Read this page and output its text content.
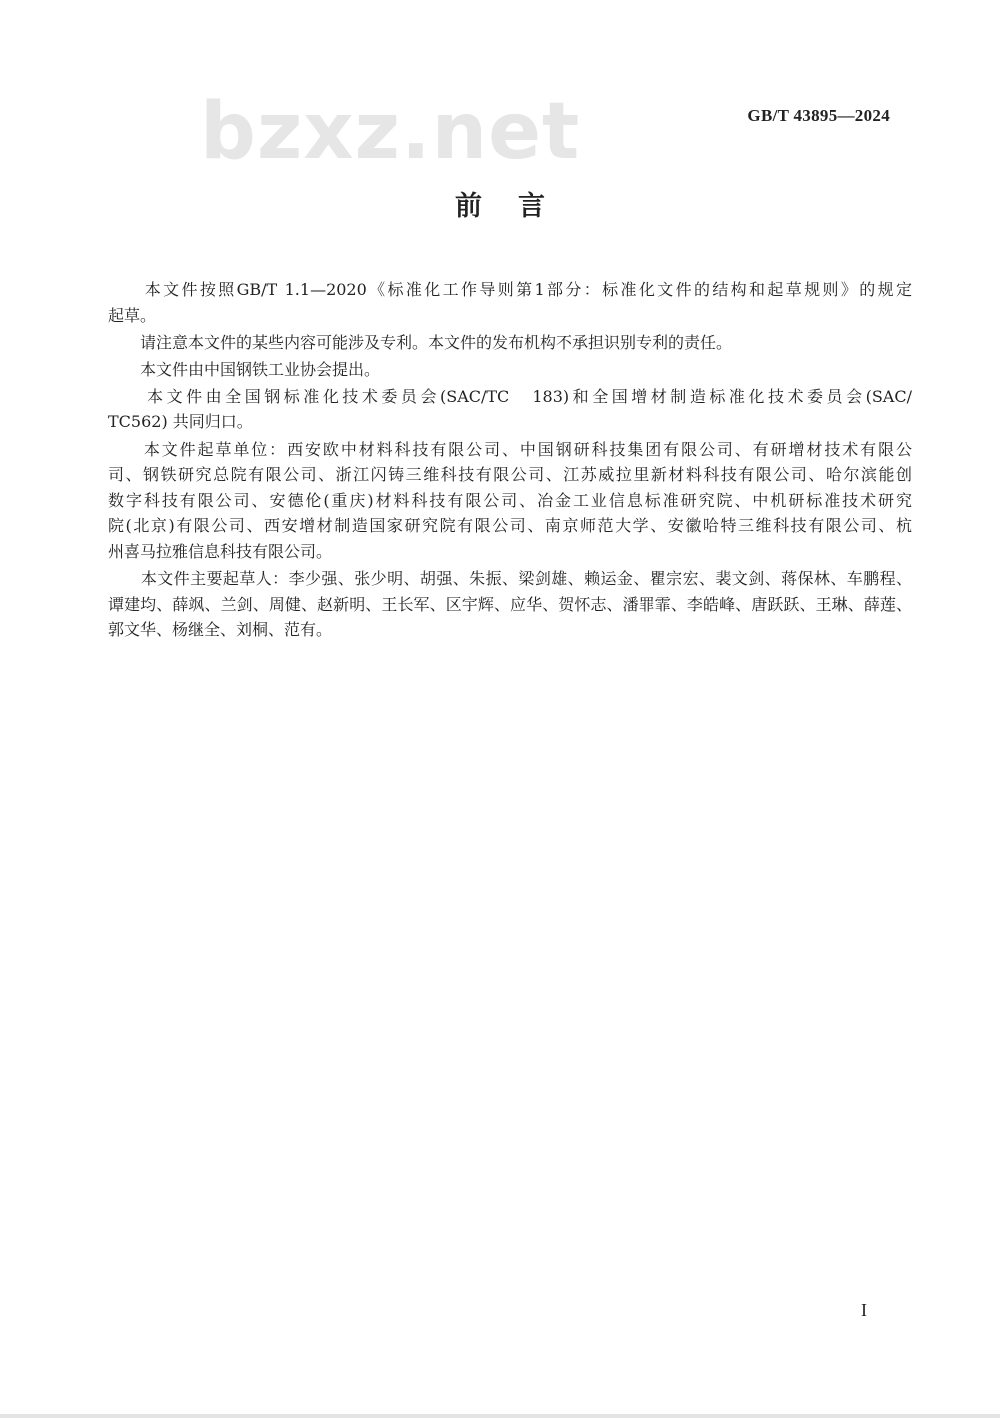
GB/T 43895—2024
bzxz.net
前言
　　本文件按照GB/T 1.1—2020《标准化工作导则第1部分：标准化文件的结构和起草规则》的规定
起草。
　　请注意本文件的某些内容可能涉及专利。本文件的发布机构不承担识别专利的责任。
　　本文件由中国钢铁工业协会提出。
　　本文件由全国钢标准化技术委员会(SAC/TC　183)和全国增材制造标准化技术委员会(SAC/
TC562) 共同归口。
　　本文件起草单位：西安欧中材料科技有限公司、中国钢研科技集团有限公司、有研增材技术有限公
司、钢铁研究总院有限公司、浙江闪铸三维科技有限公司、江苏威拉里新材料科技有限公司、哈尔滨能创
数字科技有限公司、安德伦(重庆)材料科技有限公司、冶金工业信息标准研究院、中机研标准技术研究
院(北京)有限公司、西安增材制造国家研究院有限公司、南京师范大学、安徽哈特三维科技有限公司、杭
州喜马拉雅信息科技有限公司。
　　本文件主要起草人：李少强、张少明、胡强、朱振、梁剑雄、赖运金、瞿宗宏、裴文剑、蒋保林、车鹏程、
谭建均、薛飒、兰剑、周健、赵新明、王长军、区宇辉、应华、贺怀志、潘罪霏、李皓峰、唐跃跃、王琳、薛莲、
郭文华、杨继全、刘桐、范有。
I
